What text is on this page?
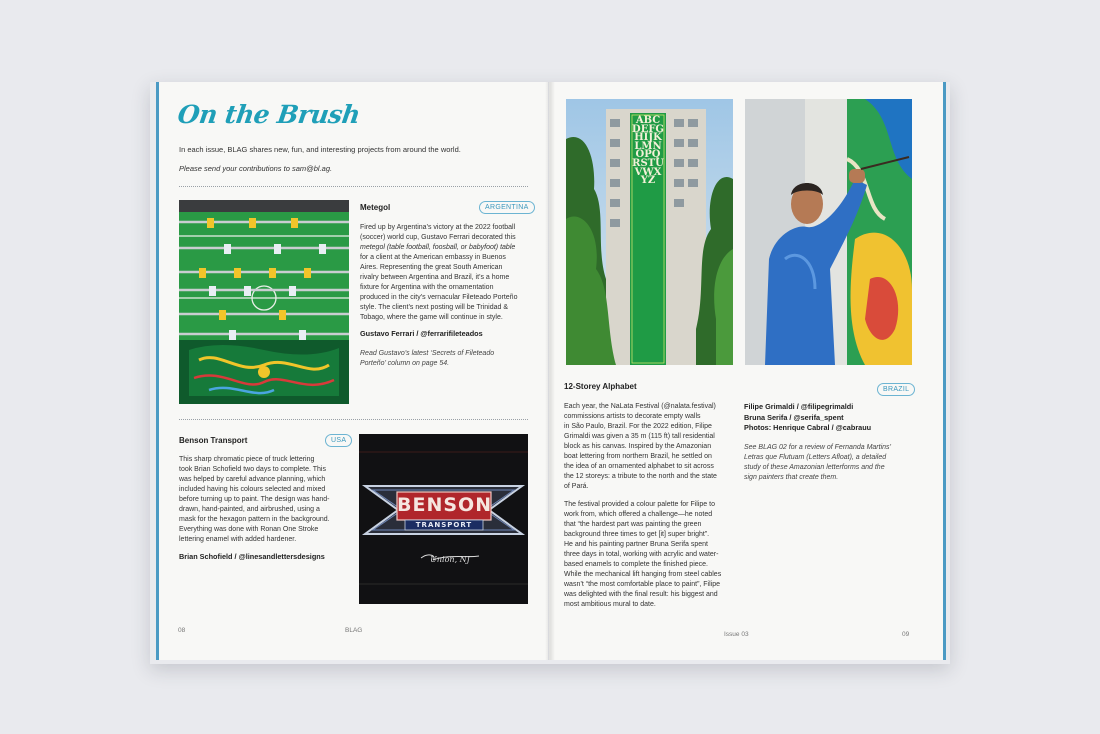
On the Brush
In each issue, BLAG shares new, fun, and interesting projects from around the world.
Please send your contributions to sam@bl.ag.
Metegol	ARGENTINA
Fired up by Argentina’s victory at the 2022 football
(soccer) world cup, Gustavo Ferrari decorated this
metegol (table football, foosball, or babyfoot) table
for a client at the American embassy in Buenos
Aires. Representing the great South American
rivalry between Argentina and Brazil, it’s a home
fixture for Argentina with the ornamentation
produced in the city’s vernacular Fileteado Porteño
style. The client’s next posting will be Trinidad &
Tobago, where the game will continue in style.
Gustavo Ferrari / @ferrarifileteados
Read Gustavo’s latest ‘Secrets of Fileteado
Porteño’ column on page 54.
Benson Transport	USA
This sharp chromatic piece of truck lettering
took Brian Schofield two days to complete. This
was helped by careful advance planning, which
included having his colours selected and mixed
before turning up to paint. The design was hand-
drawn, hand-painted, and airbrushed, using a
mask for the hexagon pattern in the background.
Everything was done with Ronan One Stroke
lettering enamel with added hardener.
Brian Schofield / @linesandlettersdesigns
BENSON
TRANSPORT
Union, NJ
08	BLAG
ABCDEFGHIJKLMNOPQRSTUVWXYZ
12-Storey Alphabet	BRAZIL
Each year, the NaLata Festival (@nalata.festival)
commissions artists to decorate empty walls
in São Paulo, Brazil. For the 2022 edition, Filipe
Grimaldi was given a 35 m (115 ft) tall residential
block as his canvas. Inspired by the Amazonian
boat lettering from northern Brazil, he settled on
the idea of an ornamented alphabet to sit across
the 12 storeys: a tribute to the north and the state
of Pará.
The festival provided a colour palette for Filipe to
work from, which offered a challenge—he noted
that “the hardest part was painting the green
background three times to get [it] super bright”.
He and his painting partner Bruna Serifa spent
three days in total, working with acrylic and water-
based enamels to complete the finished piece.
While the mechanical lift hanging from steel cables
wasn’t “the most comfortable place to paint”, Filipe
was delighted with the final result: his biggest and
most ambitious mural to date.
Filipe Grimaldi / @filipegrimaldi
Bruna Serifa / @serifa_spent
Photos: Henrique Cabral / @cabrauu
See BLAG 02 for a review of Fernanda Martins’
Letras que Flutuam (Letters Afloat), a detailed
study of these Amazonian letterforms and the
sign painters that create them.
Issue 03	09
